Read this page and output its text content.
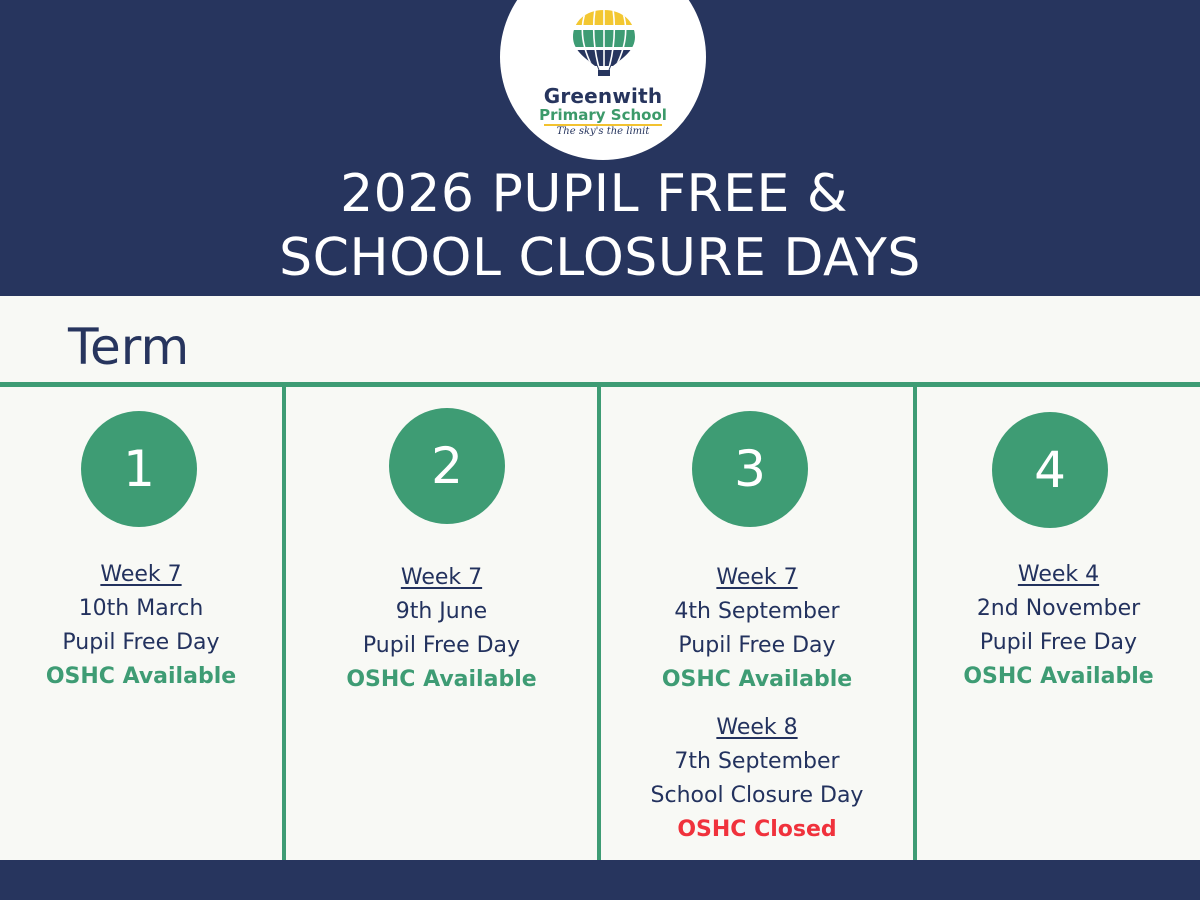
Greenwith
Primary School
The sky's the limit
2026 PUPIL FREE &
SCHOOL CLOSURE DAYS
Term
1
Week 7
10th March
Pupil Free Day
OSHC Available
2
Week 7
9th June
Pupil Free Day
OSHC Available
3
Week 7
4th September
Pupil Free Day
OSHC Available
Week 8
7th September
School Closure Day
OSHC Closed
4
Week 4
2nd November
Pupil Free Day
OSHC Available
